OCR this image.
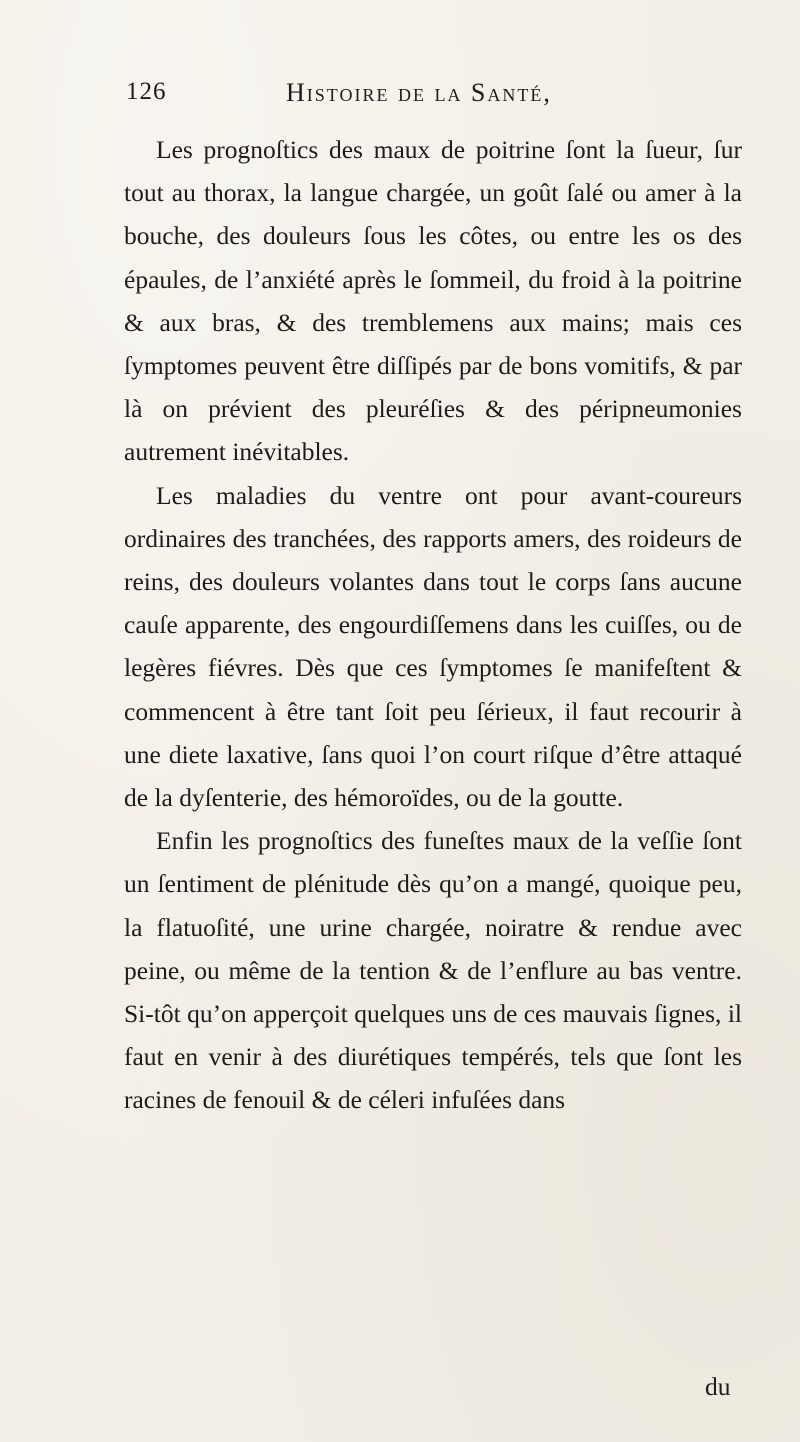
126	Histoire de la Santé,

Les prognoſtics des maux de poitrine ſont la ſueur, ſur tout au thorax, la langue chargée, un goût ſalé ou amer à la bouche, des douleurs ſous les côtes, ou entre les os des épaules, de l’anxiété après le ſommeil, du froid à la poitrine & aux bras, & des tremblemens aux mains; mais ces ſymptomes peuvent être diſſipés par de bons vomitifs, & par là on prévient des pleuréſies & des péripneumonies autrement inévitables.

Les maladies du ventre ont pour avant-coureurs ordinaires des tranchées, des rapports amers, des roideurs de reins, des douleurs volantes dans tout le corps ſans aucune cauſe apparente, des engourdiſſemens dans les cuiſſes, ou de legères fiévres. Dès que ces ſymptomes ſe manifeſtent & commencent à être tant ſoit peu ſérieux, il faut recourir à une diete laxative, ſans quoi l’on court riſque d’être attaqué de la dyſenterie, des hémoroïdes, ou de la goutte.

Enfin les prognoſtics des funeſtes maux de la veſſie ſont un ſentiment de plénitude dès qu’on a mangé, quoique peu, la flatuoſité, une urine chargée, noiratre & rendue avec peine, ou même de la tention & de l’enflure au bas ventre. Si-tôt qu’on apperçoit quelques uns de ces mauvais ſignes, il faut en venir à des diurétiques tempérés, tels que ſont les racines de fenouil & de céleri infuſées dans

du
